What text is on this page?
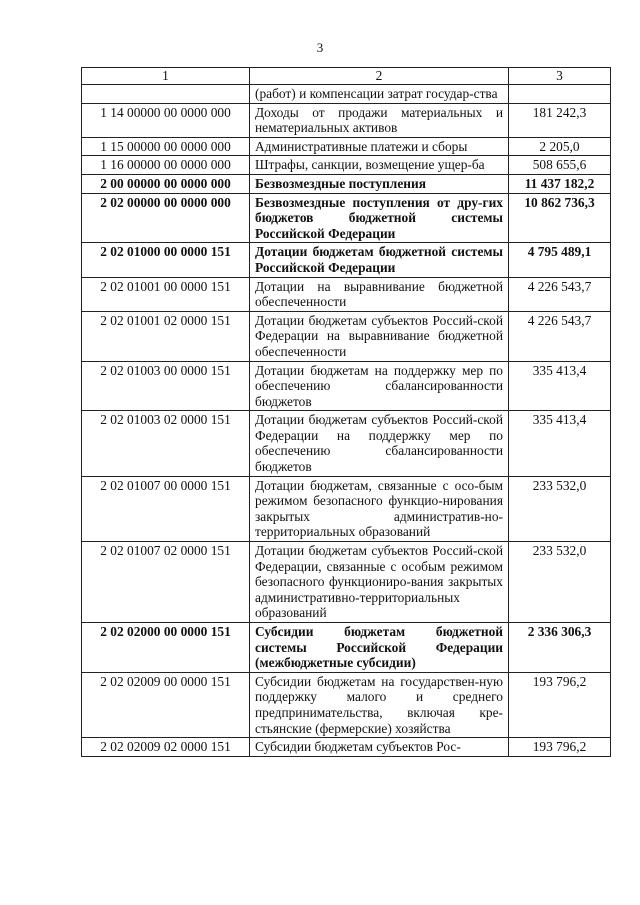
3
1	2	3
	(работ) и компенсации затрат государ-ства	
1 14 00000 00 0000 000	Доходы от продажи материальных и нематериальных активов	181 242,3
1 15 00000 00 0000 000	Административные платежи и сборы	2 205,0
1 16 00000 00 0000 000	Штрафы, санкции, возмещение ущер-ба	508 655,6
2 00 00000 00 0000 000	Безвозмездные поступления	11 437 182,2
2 02 00000 00 0000 000	Безвозмездные поступления от дру-гих бюджетов бюджетной системы Российской Федерации	10 862 736,3
2 02 01000 00 0000 151	Дотации бюджетам бюджетной системы Российской Федерации	4 795 489,1
2 02 01001 00 0000 151	Дотации на выравнивание бюджетной обеспеченности	4 226 543,7
2 02 01001 02 0000 151	Дотации бюджетам субъектов Россий-ской Федерации на выравнивание бюджетной обеспеченности	4 226 543,7
2 02 01003 00 0000 151	Дотации бюджетам на поддержку мер по обеспечению сбалансированности бюджетов	335 413,4
2 02 01003 02 0000 151	Дотации бюджетам субъектов Россий-ской Федерации на поддержку мер по обеспечению сбалансированности бюджетов	335 413,4
2 02 01007 00 0000 151	Дотации бюджетам, связанные с осо-бым режимом безопасного функцио-нирования закрытых административ-но-территориальных образований	233 532,0
2 02 01007 02 0000 151	Дотации бюджетам субъектов Россий-ской Федерации, связанные с особым режимом безопасного функциониро-вания закрытых административно-территориальных образований	233 532,0
2 02 02000 00 0000 151	Субсидии бюджетам бюджетной системы Российской Федерации (межбюджетные субсидии)	2 336 306,3
2 02 02009 00 0000 151	Субсидии бюджетам на государствен-ную поддержку малого и среднего предпринимательства, включая кре-стьянские (фермерские) хозяйства	193 796,2
2 02 02009 02 0000 151	Субсидии бюджетам субъектов Рос-	193 796,2
